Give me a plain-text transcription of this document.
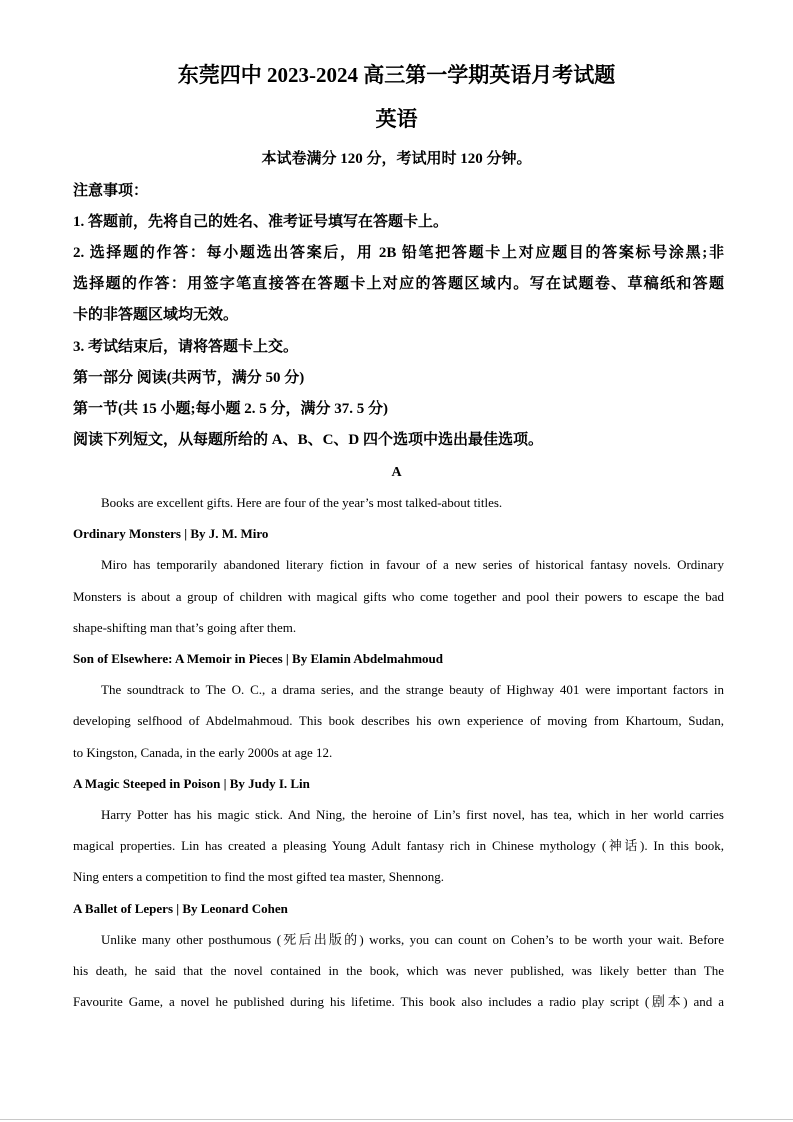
东莞四中 2023-2024 高三第一学期英语月考试题
英语
本试卷满分 120 分，考试用时 120 分钟。
注意事项：
1. 答题前，先将自己的姓名、准考证号填写在答题卡上。
2. 选择题的作答：每小题选出答案后，用 2B 铅笔把答题卡上对应题目的答案标号涂黑;非
选择题的作答：用签字笔直接答在答题卡上对应的答题区域内。写在试题卷、草稿纸和答题
卡的非答题区域均无效。
3. 考试结束后，请将答题卡上交。
第一部分 阅读(共两节，满分 50 分)
第一节(共 15 小题;每小题 2. 5 分，满分 37. 5 分)
阅读下列短文，从每题所给的 A、B、C、D 四个选项中选出最佳选项。
A
Books are excellent gifts. Here are four of the year’s most talked-about titles.
Ordinary Monsters | By J. M. Miro
Miro has temporarily abandoned literary fiction in favour of a new series of historical fantasy novels. Ordinary
Monsters is about a group of children with magical gifts who come together and pool their powers to escape the bad
shape-shifting man that’s going after them.
Son of Elsewhere: A Memoir in Pieces | By Elamin Abdelmahmoud
The soundtrack to The O. C., a drama series, and the strange beauty of Highway 401 were important factors in
developing selfhood of Abdelmahmoud. This book describes his own experience of moving from Khartoum, Sudan,
to Kingston, Canada, in the early 2000s at age 12.
A Magic Steeped in Poison | By Judy I. Lin
Harry Potter has his magic stick. And Ning, the heroine of Lin’s first novel, has tea, which in her world carries
magical properties. Lin has created a pleasing Young Adult fantasy rich in Chinese mythology (神话). In this book,
Ning enters a competition to find the most gifted tea master, Shennong.
A Ballet of Lepers | By Leonard Cohen
Unlike many other posthumous (死后出版的) works, you can count on Cohen’s to be worth your wait. Before
his death, he said that the novel contained in the book, which was never published, was likely better than The
Favourite Game, a novel he published during his lifetime. This book also includes a radio play script (剧本) and a
